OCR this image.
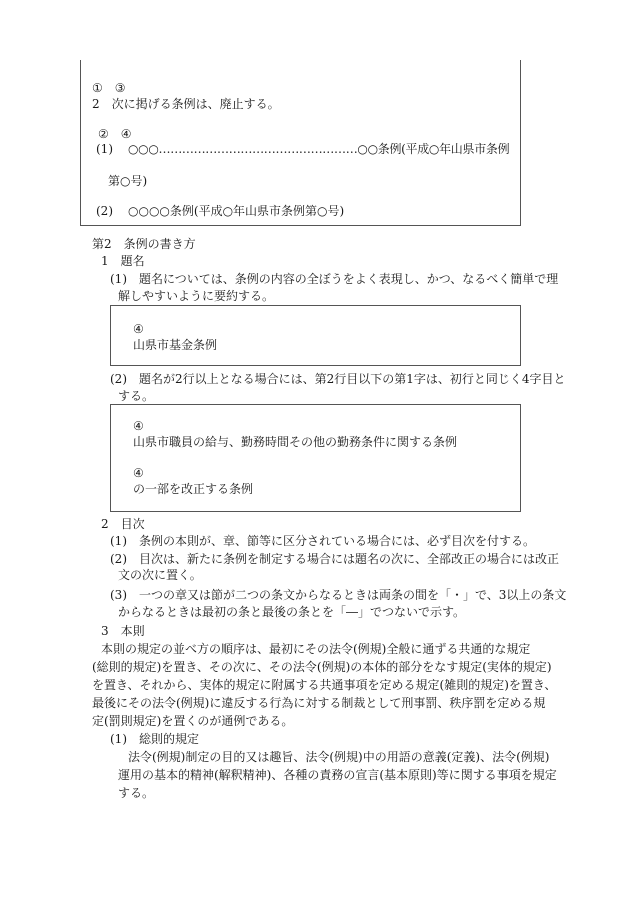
①　③
2　次に掲げる条例は、廃止する。
②　④
(1) ○○○……………………………………………○○条例(平成○年山県市条例
第○号)
(2) ○○○○条例(平成○年山県市条例第○号)
第2　条例の書き方
1　題名
(1)　題名については、条例の内容の全ぼうをよく表現し、かつ、なるべく簡単で理
解しやすいように要約する。
④
山県市基金条例
(2)　題名が2行以上となる場合には、第2行目以下の第1字は、初行と同じく4字目と
する。
④
山県市職員の給与、勤務時間その他の勤務条件に関する条例
④
の一部を改正する条例
2　目次
(1)　条例の本則が、章、節等に区分されている場合には、必ず目次を付する。
(2)　目次は、新たに条例を制定する場合には題名の次に、全部改正の場合には改正
文の次に置く。
(3)　一つの章又は節が二つの条文からなるときは両条の間を「・」で、3以上の条文
からなるときは最初の条と最後の条とを「―」でつないで示す。
3　本則
本則の規定の並べ方の順序は、最初にその法令(例規)全般に通ずる共通的な規定
(総則的規定)を置き、その次に、その法令(例規)の本体的部分をなす規定(実体的規定)
を置き、それから、実体的規定に附属する共通事項を定める規定(雑則的規定)を置き、
最後にその法令(例規)に違反する行為に対する制裁として刑事罰、秩序罰を定める規
定(罰則規定)を置くのが通例である。
(1)　総則的規定
法令(例規)制定の目的又は趣旨、法令(例規)中の用語の意義(定義)、法令(例規)
運用の基本的精神(解釈精神)、各種の責務の宣言(基本原則)等に関する事項を規定
する。
